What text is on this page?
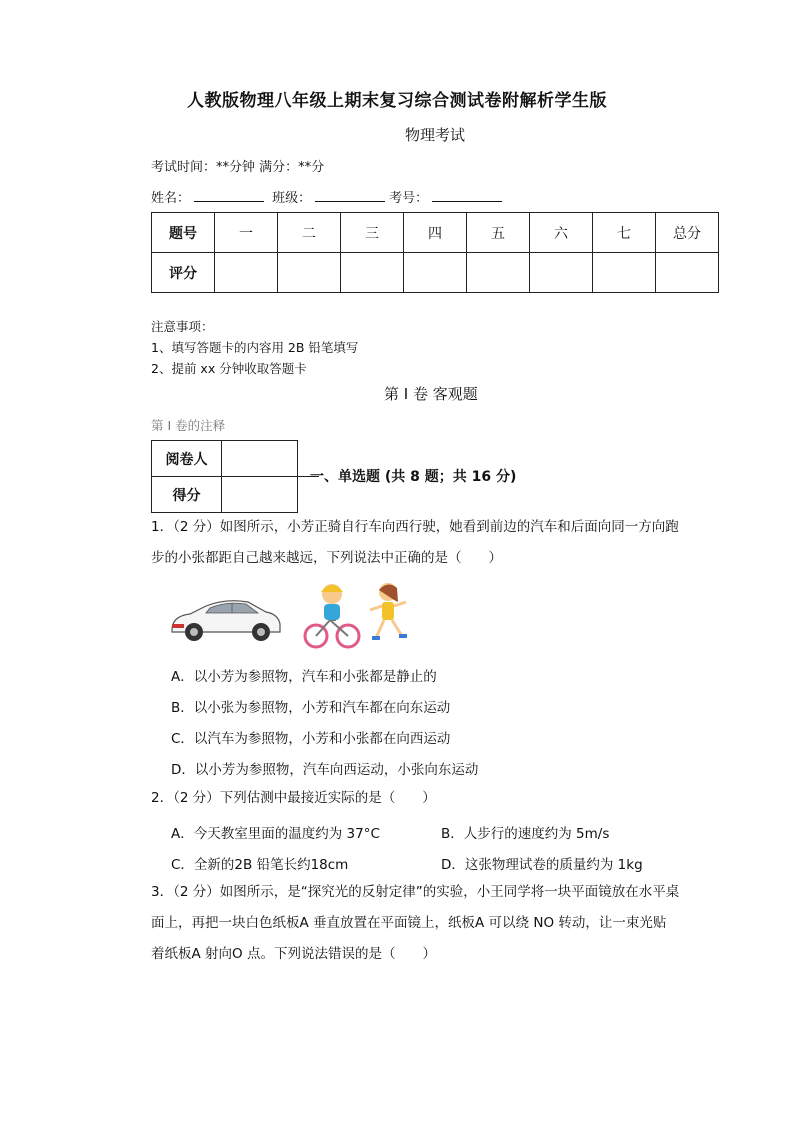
人教版物理八年级上期末复习综合测试卷附解析学生版
物理考试
考试时间：**分钟 满分：**分
姓名：	班级：	考号：
题号	一	二	三	四	五	六	七	总分
评分								
注意事项：
1、填写答题卡的内容用 2B 铅笔填写
2、提前 xx 分钟收取答题卡
第 I 卷 客观题
第 I 卷的注释
阅卷人	
得分	
一、单选题 (共 8 题；共 16 分)
1．（2 分）如图所示，小芳正骑自行车向西行驶，她看到前边的汽车和后面向同一方向跑
步的小张都距自己越来越远，下列说法中正确的是（　　）
A．以小芳为参照物，汽车和小张都是静止的
B．以小张为参照物，小芳和汽车都在向东运动
C．以汽车为参照物，小芳和小张都在向西运动
D．以小芳为参照物，汽车向西运动，小张向东运动
2．（2 分）下列估测中最接近实际的是（　　）
A．今天教室里面的温度约为 37°C	B．人步行的速度约为 5m/s
C．全新的2B 铅笔长约18cm	D．这张物理试卷的质量约为 1kg
3．（2 分）如图所示，是“探究光的反射定律”的实验，小王同学将一块平面镜放在水平桌
面上，再把一块白色纸板A 垂直放置在平面镜上，纸板A 可以绕 NO 转动，让一束光贴
着纸板A 射向O 点。下列说法错误的是（　　）
